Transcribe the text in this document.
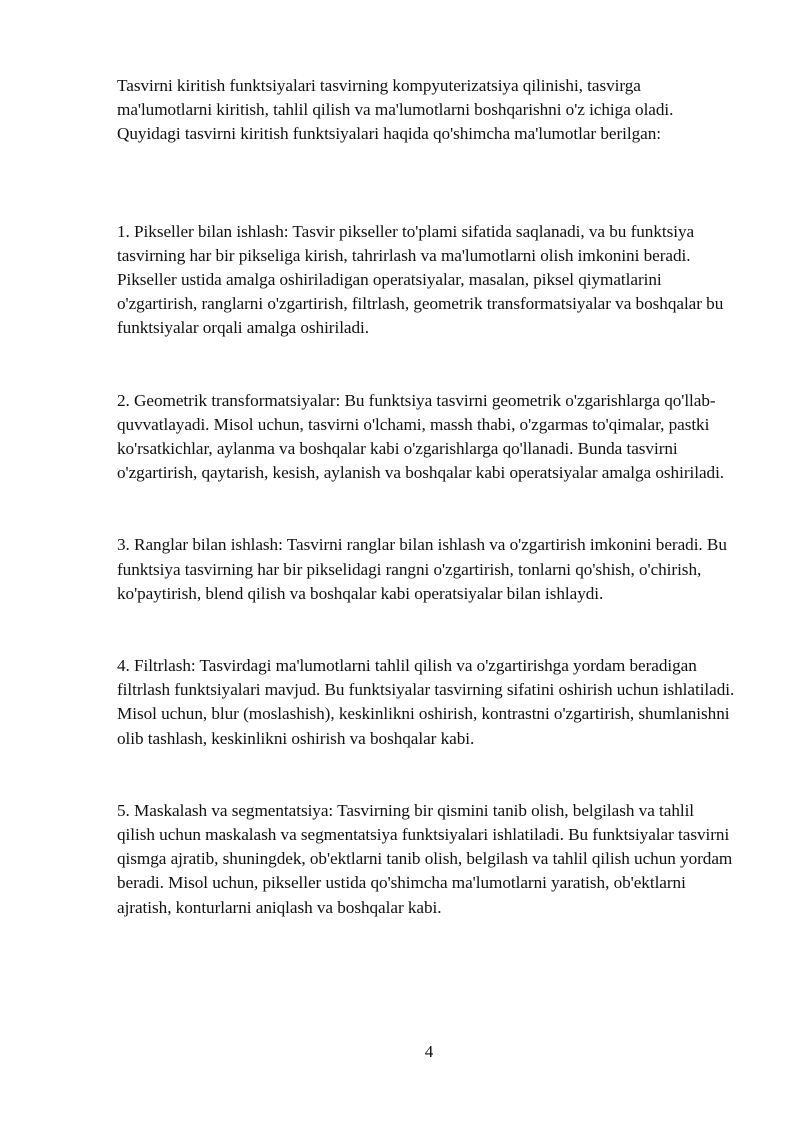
Tasvirni kiritish funktsiyalari tasvirning kompyuterizatsiya qilinishi, tasvirga ma'lumotlarni kiritish, tahlil qilish va ma'lumotlarni boshqarishni o'z ichiga oladi. Quyidagi tasvirni kiritish funktsiyalari haqida qo'shimcha ma'lumotlar berilgan:

1. Pikseller bilan ishlash: Tasvir pikseller to'plami sifatida saqlanadi, va bu funktsiya tasvirning har bir pikseliga kirish, tahrirlash va ma'lumotlarni olish imkonini beradi. Pikseller ustida amalga oshiriladigan operatsiyalar, masalan, piksel qiymatlarini o'zgartirish, ranglarni o'zgartirish, filtrlash, geometrik transformatsiyalar va boshqalar bu funktsiyalar orqali amalga oshiriladi.

2. Geometrik transformatsiyalar: Bu funktsiya tasvirni geometrik o'zgarishlarga qo'llab-quvvatlayadi. Misol uchun, tasvirni o'lchami, massh thabi, o'zgarmas to'qimalar, pastki ko'rsatkichlar, aylanma va boshqalar kabi o'zgarishlarga qo'llanadi. Bunda tasvirni o'zgartirish, qaytarish, kesish, aylanish va boshqalar kabi operatsiyalar amalga oshiriladi.

3. Ranglar bilan ishlash: Tasvirni ranglar bilan ishlash va o'zgartirish imkonini beradi. Bu funktsiya tasvirning har bir pikselidagi rangni o'zgartirish, tonlarni qo'shish, o'chirish, ko'paytirish, blend qilish va boshqalar kabi operatsiyalar bilan ishlaydi.

4. Filtrlash: Tasvirdagi ma'lumotlarni tahlil qilish va o'zgartirishga yordam beradigan filtrlash funktsiyalari mavjud. Bu funktsiyalar tasvirning sifatini oshirish uchun ishlatiladi. Misol uchun, blur (moslashish), keskinlikni oshirish, kontrastni o'zgartirish, shumlanishni olib tashlash, keskinlikni oshirish va boshqalar kabi.

5. Maskalash va segmentatsiya: Tasvirning bir qismini tanib olish, belgilash va tahlil qilish uchun maskalash va segmentatsiya funktsiyalari ishlatiladi. Bu funktsiyalar tasvirni qismga ajratib, shuningdek, ob'ektlarni tanib olish, belgilash va tahlil qilish uchun yordam beradi. Misol uchun, pikseller ustida qo'shimcha ma'lumotlarni yaratish, ob'ektlarni ajratish, konturlarni aniqlash va boshqalar kabi.

4
